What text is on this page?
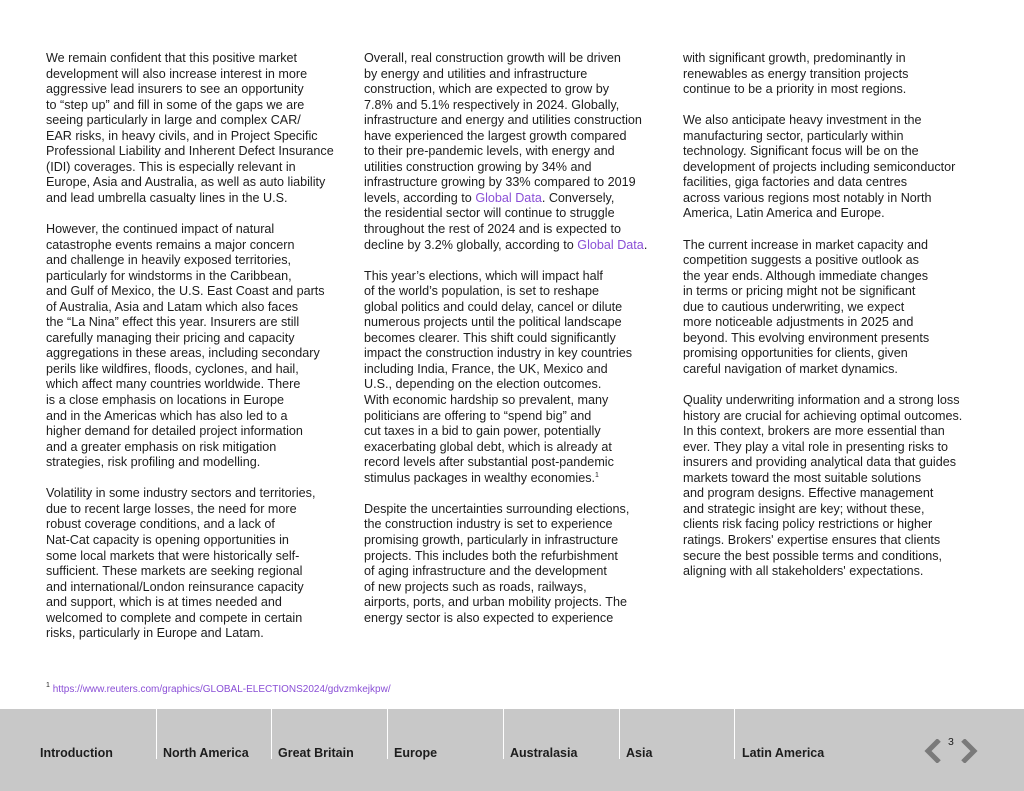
We remain confident that this positive market
development will also increase interest in more
aggressive lead insurers to see an opportunity
to “step up” and fill in some of the gaps we are
seeing particularly in large and complex CAR/
EAR risks, in heavy civils, and in Project Specific
Professional Liability and Inherent Defect Insurance
(IDI) coverages. This is especially relevant in
Europe, Asia and Australia, as well as auto liability
and lead umbrella casualty lines in the U.S.

However, the continued impact of natural
catastrophe events remains a major concern
and challenge in heavily exposed territories,
particularly for windstorms in the Caribbean,
and Gulf of Mexico, the U.S. East Coast and parts
of Australia, Asia and Latam which also faces
the “La Nina” effect this year. Insurers are still
carefully managing their pricing and capacity
aggregations in these areas, including secondary
perils like wildfires, floods, cyclones, and hail,
which affect many countries worldwide. There
is a close emphasis on locations in Europe
and in the Americas which has also led to a
higher demand for detailed project information
and a greater emphasis on risk mitigation
strategies, risk profiling and modelling.

Volatility in some industry sectors and territories,
due to recent large losses, the need for more
robust coverage conditions, and a lack of
Nat-Cat capacity is opening opportunities in
some local markets that were historically self-
sufficient. These markets are seeking regional
and international/London reinsurance capacity
and support, which is at times needed and
welcomed to complete and compete in certain
risks, particularly in Europe and Latam.

Overall, real construction growth will be driven
by energy and utilities and infrastructure
construction, which are expected to grow by
7.8% and 5.1% respectively in 2024. Globally,
infrastructure and energy and utilities construction
have experienced the largest growth compared
to their pre-pandemic levels, with energy and
utilities construction growing by 34% and
infrastructure growing by 33% compared to 2019
levels, according to Global Data. Conversely,
the residential sector will continue to struggle
throughout the rest of 2024 and is expected to
decline by 3.2% globally, according to Global Data.

This year’s elections, which will impact half
of the world’s population, is set to reshape
global politics and could delay, cancel or dilute
numerous projects until the political landscape
becomes clearer. This shift could significantly
impact the construction industry in key countries
including India, France, the UK, Mexico and
U.S., depending on the election outcomes.
With economic hardship so prevalent, many
politicians are offering to “spend big” and
cut taxes in a bid to gain power, potentially
exacerbating global debt, which is already at
record levels after substantial post-pandemic
stimulus packages in wealthy economies.$^1$

Despite the uncertainties surrounding elections,
the construction industry is set to experience
promising growth, particularly in infrastructure
projects. This includes both the refurbishment
of aging infrastructure and the development
of new projects such as roads, railways,
airports, ports, and urban mobility projects. The
energy sector is also expected to experience

with significant growth, predominantly in
renewables as energy transition projects
continue to be a priority in most regions.

We also anticipate heavy investment in the
manufacturing sector, particularly within
technology. Significant focus will be on the
development of projects including semiconductor
facilities, giga factories and data centres
across various regions most notably in North
America, Latin America and Europe.

The current increase in market capacity and
competition suggests a positive outlook as
the year ends. Although immediate changes
in terms or pricing might not be significant
due to cautious underwriting, we expect
more noticeable adjustments in 2025 and
beyond. This evolving environment presents
promising opportunities for clients, given
careful navigation of market dynamics.

Quality underwriting information and a strong loss
history are crucial for achieving optimal outcomes.
In this context, brokers are more essential than
ever. They play a vital role in presenting risks to
insurers and providing analytical data that guides
markets toward the most suitable solutions
and program designs. Effective management
and strategic insight are key; without these,
clients risk facing policy restrictions or higher
ratings. Brokers' expertise ensures that clients
secure the best possible terms and conditions,
aligning with all stakeholders' expectations.

$^1$ https://www.reuters.com/graphics/GLOBAL-ELECTIONS2024/gdvzmkejkpw/
Introduction	North America	Great Britain	Europe	Australasia	Asia	Latin America
3
